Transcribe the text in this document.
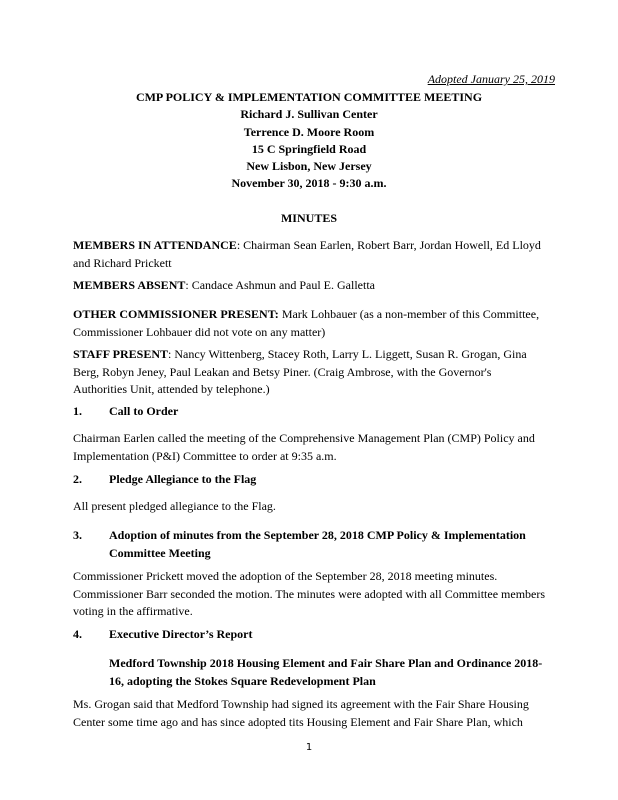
Adopted January 25, 2019
CMP POLICY & IMPLEMENTATION COMMITTEE MEETING
Richard J. Sullivan Center
Terrence D. Moore Room
15 C Springfield Road
New Lisbon, New Jersey
November 30, 2018 - 9:30 a.m.
MINUTES
MEMBERS IN ATTENDANCE: Chairman Sean Earlen, Robert Barr, Jordan Howell, Ed Lloyd
and Richard Prickett
MEMBERS ABSENT: Candace Ashmun and Paul E. Galletta
OTHER COMMISSIONER PRESENT: Mark Lohbauer (as a non-member of this Committee,
Commissioner Lohbauer did not vote on any matter)
STAFF PRESENT: Nancy Wittenberg, Stacey Roth, Larry L. Liggett, Susan R. Grogan, Gina
Berg, Robyn Jeney, Paul Leakan and Betsy Piner. (Craig Ambrose, with the Governor's
Authorities Unit, attended by telephone.)
1. Call to Order
Chairman Earlen called the meeting of the Comprehensive Management Plan (CMP) Policy and
Implementation (P&I) Committee to order at 9:35 a.m.
2. Pledge Allegiance to the Flag
All present pledged allegiance to the Flag.
3. Adoption of minutes from the September 28, 2018 CMP Policy & Implementation
Committee Meeting
Commissioner Prickett moved the adoption of the September 28, 2018 meeting minutes.
Commissioner Barr seconded the motion. The minutes were adopted with all Committee members
voting in the affirmative.
4. Executive Director’s Report
Medford Township 2018 Housing Element and Fair Share Plan and Ordinance 2018-
16, adopting the Stokes Square Redevelopment Plan
Ms. Grogan said that Medford Township had signed its agreement with the Fair Share Housing
Center some time ago and has since adopted tits Housing Element and Fair Share Plan, which
1
